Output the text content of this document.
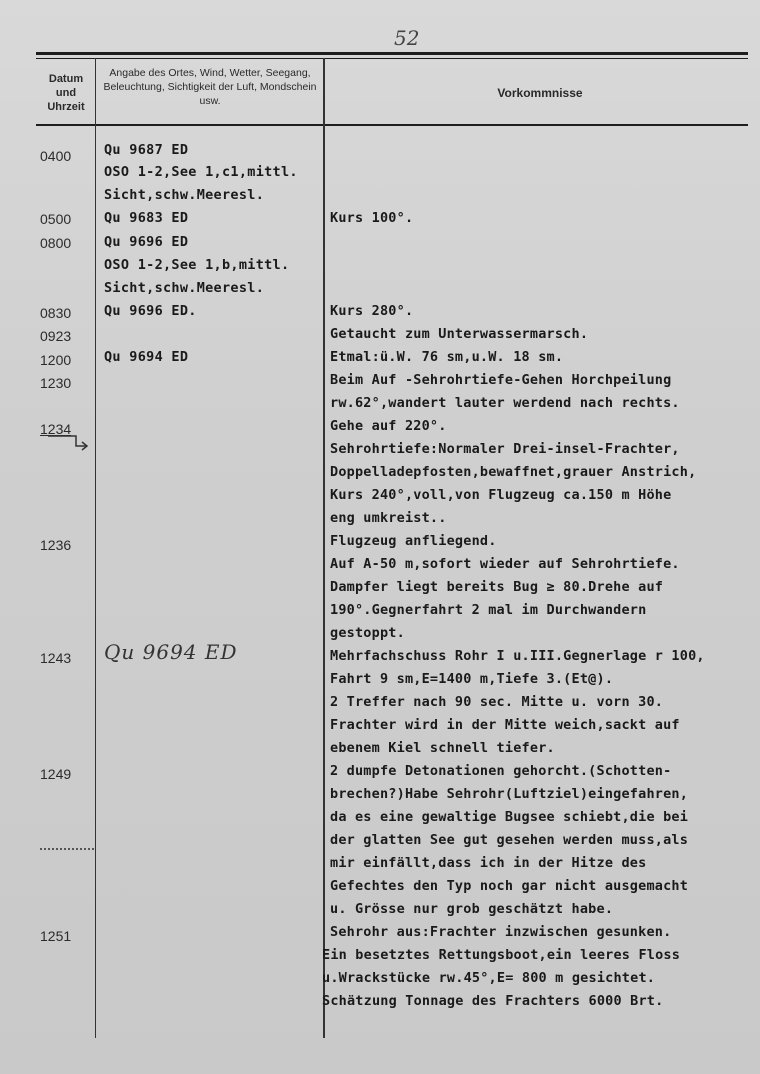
52
Datum und Uhrzeit
Angabe des Ortes, Wind, Wetter, Seegang, Beleuchtung, Sichtigkeit der Luft, Mondschein usw.
Vorkommnisse
0400
0500
0800
0830
0923
1200
1230
1234
1236
1243
1249
1251
Qu 9687 ED
OSO 1-2,See 1,c1,mittl.
Sicht,schw.Meeresl.
Qu 9683 ED
Qu 9696 ED
OSO 1-2,See 1,b,mittl.
Sicht,schw.Meeresl.
Qu 9696 ED.
Qu 9694 ED
Qu 9694 ED
Kurs 100°.
Kurs 280°.
Getaucht zum Unterwassermarsch.
Etmal:ü.W. 76 sm,u.W. 18 sm.
Beim Auf -Sehrohrtiefe-Gehen Horchpeilung
rw.62°,wandert lauter werdend nach rechts.
Gehe auf 220°.
Sehrohrtiefe:Normaler Drei-insel-Frachter,
Doppelladepfosten,bewaffnet,grauer Anstrich,
Kurs 240°,voll,von Flugzeug ca.150 m Höhe
eng umkreist..
Flugzeug anfliegend.
Auf A-50 m,sofort wieder auf Sehrohrtiefe.
Dampfer liegt bereits Bug ≥ 80.Drehe auf
190°.Gegnerfahrt 2 mal im Durchwandern
gestoppt.
Mehrfachschuss Rohr I u.III.Gegnerlage r 100,
Fahrt 9 sm,E=1400 m,Tiefe 3.(Et@).
2 Treffer nach 90 sec. Mitte u. vorn 30.
Frachter wird in der Mitte weich,sackt auf
ebenem Kiel schnell tiefer.
2 dumpfe Detonationen gehorcht.(Schotten-
brechen?)Habe Sehrohr(Luftziel)eingefahren,
da es eine gewaltige Bugsee schiebt,die bei
der glatten See gut gesehen werden muss,als
mir einfällt,dass ich in der Hitze des
Gefechtes den Typ noch gar nicht ausgemacht
u. Grösse nur grob geschätzt habe.
Sehrohr aus:Frachter inzwischen gesunken.
Ein besetztes Rettungsboot,ein leeres Floss
u.Wrackstücke rw.45°,E= 800 m gesichtet.
Schätzung Tonnage des Frachters 6000 Brt.
